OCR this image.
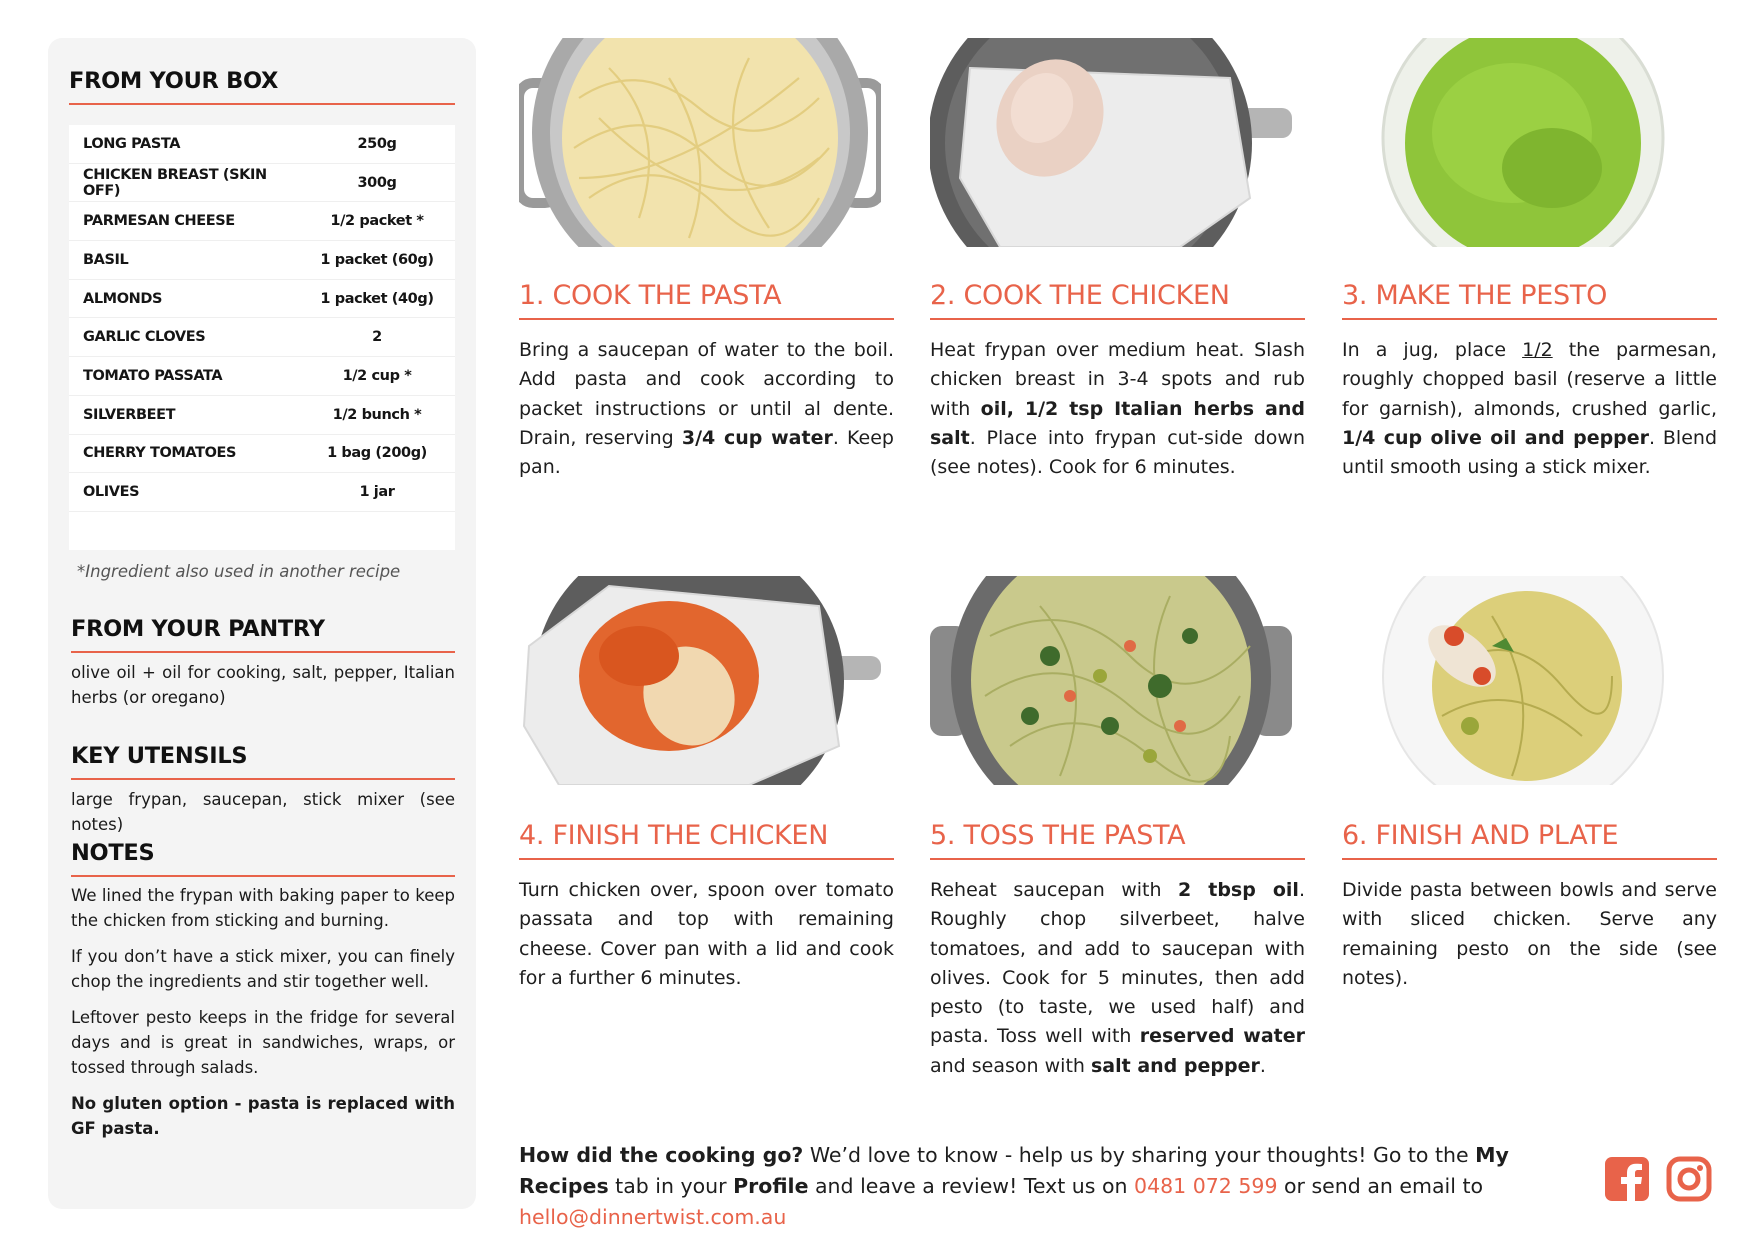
FROM YOUR BOX
LONG PASTA	250g
CHICKEN BREAST (SKIN OFF)	300g
PARMESAN CHEESE	1/2 packet *
BASIL	1 packet (60g)
ALMONDS	1 packet (40g)
GARLIC CLOVES	2
TOMATO PASSATA	1/2 cup *
SILVERBEET	1/2 bunch *
CHERRY TOMATOES	1 bag (200g)
OLIVES	1 jar
*Ingredient also used in another recipe
FROM YOUR PANTRY
olive oil + oil for cooking, salt, pepper, Italian herbs (or oregano)
KEY UTENSILS
large frypan, saucepan, stick mixer (see notes)
NOTES

We lined the frypan with baking paper to keep the chicken from sticking and burning.

If you don’t have a stick mixer, you can finely chop the ingredients and stir together well.

Leftover pesto keeps in the fridge for several days and is great in sandwiches, wraps, or tossed through salads.

No gluten option - pasta is replaced with GF pasta.

1. COOK THE PASTA
Bring a saucepan of water to the boil. Add pasta and cook according to packet instructions or until al dente. Drain, reserving 3/4 cup water. Keep pan.
2. COOK THE CHICKEN
Heat frypan over medium heat. Slash chicken breast in 3-4 spots and rub with oil, 1/2 tsp Italian herbs and salt. Place into frypan cut-side down (see notes). Cook for 6 minutes.
3. MAKE THE PESTO
In a jug, place 1/2 the parmesan, roughly chopped basil (reserve a little for garnish), almonds, crushed garlic, 1/4 cup olive oil and pepper. Blend until smooth using a stick mixer.
4. FINISH THE CHICKEN
Turn chicken over, spoon over tomato passata and top with remaining cheese. Cover pan with a lid and cook for a further 6 minutes.
5. TOSS THE PASTA
Reheat saucepan with 2 tbsp oil. Roughly chop silverbeet, halve tomatoes, and add to saucepan with olives. Cook for 5 minutes, then add pesto (to taste, we used half) and pasta. Toss well with reserved water and season with salt and pepper.
6. FINISH AND PLATE
Divide pasta between bowls and serve with sliced chicken. Serve any remaining pesto on the side (see notes).
How did the cooking go? We’d love to know - help us by sharing your thoughts! Go to the My Recipes tab in your Profile and leave a review! Text us on 0481 072 599 or send an email to hello@dinnertwist.com.au
